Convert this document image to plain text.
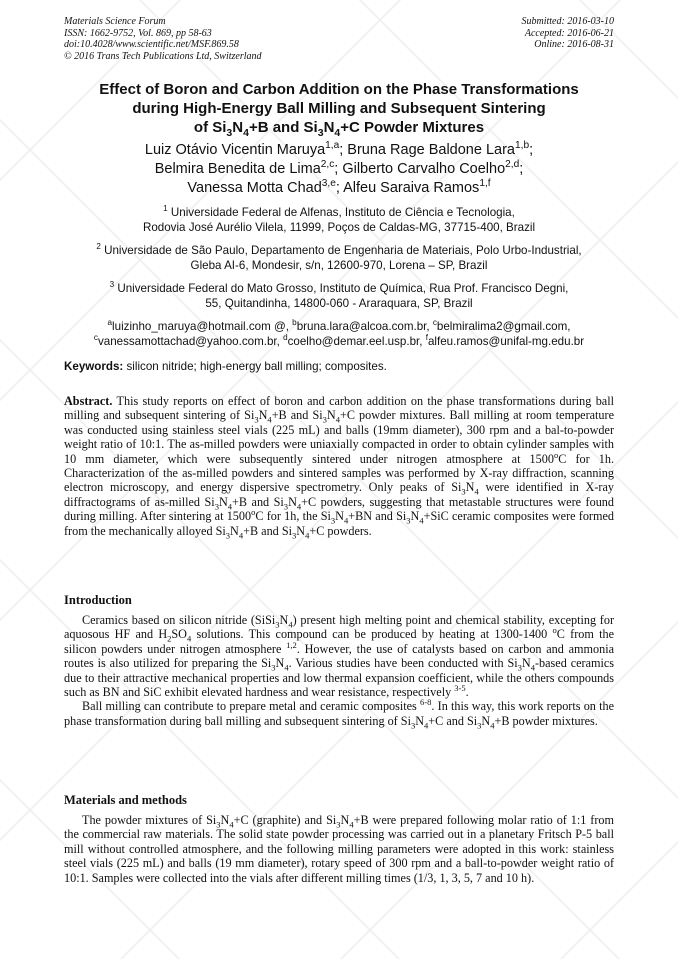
Materials Science Forum
ISSN: 1662-9752, Vol. 869, pp 58-63
doi:10.4028/www.scientific.net/MSF.869.58
© 2016 Trans Tech Publications Ltd, Switzerland
Submitted: 2016-03-10
Accepted: 2016-06-21
Online: 2016-08-31
Effect of Boron and Carbon Addition on the Phase Transformations
during High-Energy Ball Milling and Subsequent Sintering
of $Si_3N_4+B$ and $Si_3N_4+C$ Powder Mixtures
Luiz Otávio Vicentin Maruya$^{1,a}$; Bruna Rage Baldone Lara$^{1,b}$;
Belmira Benedita de Lima$^{2,c}$; Gilberto Carvalho Coelho$^{2,d}$;
Vanessa Motta Chad$^{3,e}$; Alfeu Saraiva Ramos$^{1,f}$
$^1$ Universidade Federal de Alfenas, Instituto de Ciência e Tecnologia,
Rodovia José Aurélio Vilela, 11999, Poços de Caldas-MG, 37715-400, Brazil
$^2$ Universidade de São Paulo, Departamento de Engenharia de Materiais, Polo Urbo-Industrial,
Gleba AI-6, Mondesir, s/n, 12600-970, Lorena – SP, Brazil
$^3$ Universidade Federal do Mato Grosso, Instituto de Química, Rua Prof. Francisco Degni,
55, Quitandinha, 14800-060 - Araraquara, SP, Brazil
$^a$luizinho_maruya@hotmail.com @, $^b$bruna.lara@alcoa.com.br, $^c$belmiralima2@gmail.com,
$^c$vanessamottachad@yahoo.com.br, $^d$coelho@demar.eel.usp.br, $^f$alfeu.ramos@unifal-mg.edu.br
Keywords: silicon nitride; high-energy ball milling; composites.
Abstract. This study reports on effect of boron and carbon addition on the phase transformations during ball milling and subsequent sintering of $Si_3N_4+B$ and $Si_3N_4+C$ powder mixtures. Ball milling at room temperature was conducted using stainless steel vials (225 mL) and balls (19mm diameter), 300 rpm and a bal-to-powder weight ratio of 10:1. The as-milled powders were uniaxially compacted in order to obtain cylinder samples with 10 mm diameter, which were subsequently sintered under nitrogen atmosphere at 1500$^o$C for 1h. Characterization of the as-milled powders and sintered samples was performed by X-ray diffraction, scanning electron microscopy, and energy dispersive spectrometry. Only peaks of $Si_3N_4$ were identified in X-ray diffractograms of as-milled $Si_3N_4+B$ and $Si_3N_4+C$ powders, suggesting that metastable structures were found during milling. After sintering at 1500$^o$C for 1h, the $Si_3N_4+BN$ and $Si_3N_4+SiC$ ceramic composites were formed from the mechanically alloyed $Si_3N_4+B$ and $Si_3N_4+C$ powders.
Introduction

Ceramics based on silicon nitride $(SiSi_3N_4)$ present high melting point and chemical stability, excepting for aquosous HF and $H_2SO_4$ solutions. This compound can be produced by heating at 1300-1400 $^o$C from the silicon powders under nitrogen atmosphere $^{1,2}$. However, the use of catalysts based on carbon and ammonia routes is also utilized for preparing the $Si_3N_4$. Various studies have been conducted with $Si_3N_4$-based ceramics due to their attractive mechanical properties and low thermal expansion coefficient, while the others compounds such as BN and SiC exhibit elevated hardness and wear resistance, respectively $^{3-5}$.

Ball milling can contribute to prepare metal and ceramic composites $^{6-8}$. In this way, this work reports on the phase transformation during ball milling and subsequent sintering of $Si_3N_4+C$ and $Si_3N_4+B$ powder mixtures.

Materials and methods

The powder mixtures of $Si_3N_4+C$ (graphite) and $Si_3N_4+B$ were prepared following molar ratio of 1:1 from the commercial raw materials. The solid state powder processing was carried out in a planetary Fritsch P-5 ball mill without controlled atmosphere, and the following milling parameters were adopted in this work: stainless steel vials (225 mL) and balls (19 mm diameter), rotary speed of 300 rpm and a ball-to-powder weight ratio of 10:1. Samples were collected into the vials after different milling times (1/3, 1, 3, 5, 7 and 10 h).
